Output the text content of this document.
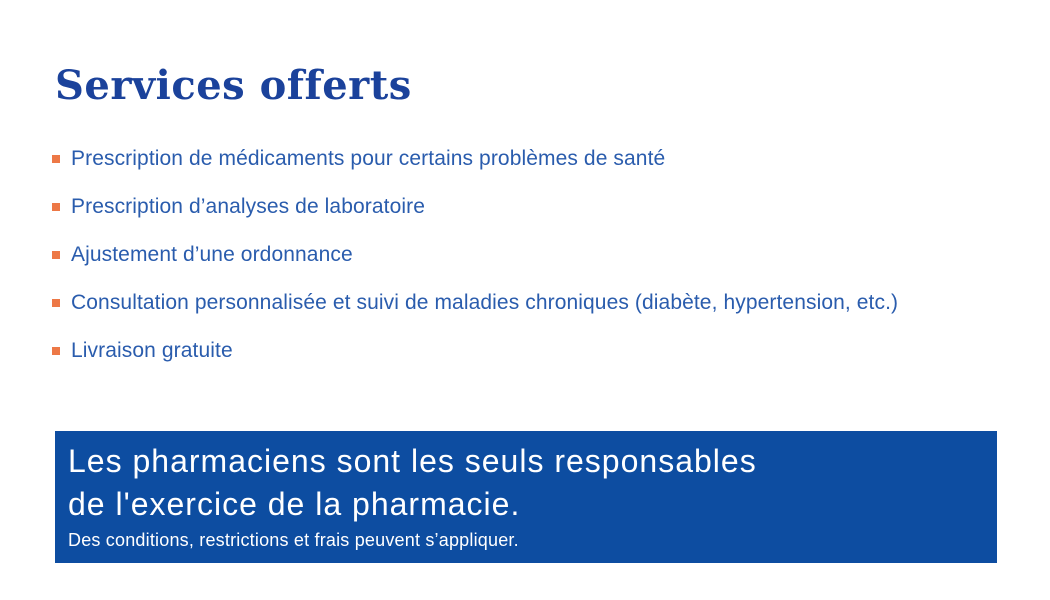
Services offerts
Prescription de médicaments pour certains problèmes de santé
Prescription d’analyses de laboratoire
Ajustement d’une ordonnance
Consultation personnalisée et suivi de maladies chroniques (diabète, hypertension, etc.)
Livraison gratuite
Les pharmaciens sont les seuls responsables
de l'exercice de la pharmacie.
Des conditions, restrictions et frais peuvent s’appliquer.
